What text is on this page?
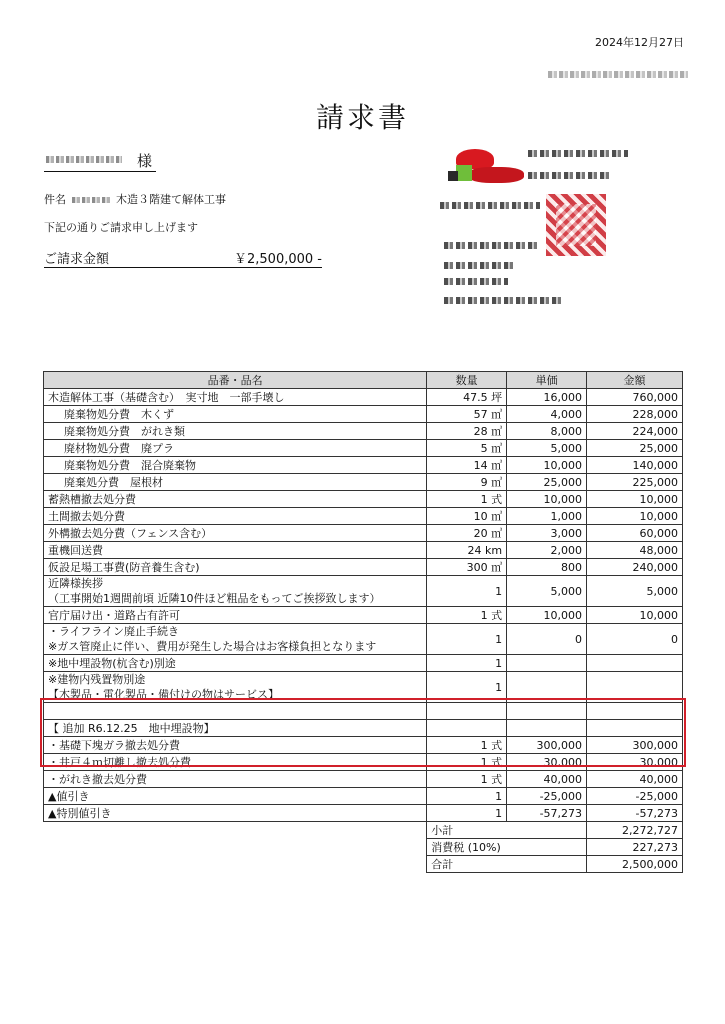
2024年12月27日
請求書
様
件名	木造３階建て解体工事
下記の通りご請求申し上げます
ご請求金額	￥2,500,000 -
品番・品名	数量	単価	金額
木造解体工事（基礎含む）　実寸地　一部手壊し	47.5 坪	16,000	760,000
廃棄物処分費　木くず	57 ㎥	4,000	228,000
廃棄物処分費　がれき類	28 ㎥	8,000	224,000
廃材物処分費　廃プラ	5 ㎥	5,000	25,000
廃棄物処分費　混合廃棄物	14 ㎥	10,000	140,000
廃棄処分費　屋根材	9 ㎥	25,000	225,000
蓄熱槽撤去処分費	1 式	10,000	10,000
土間撤去処分費	10 ㎥	1,000	10,000
外構撤去処分費（フェンス含む）	20 ㎥	3,000	60,000
重機回送費	24 km	2,000	48,000
仮設足場工事費(防音養生含む)	300 ㎥	800	240,000

近隣様挨拶
（工事開始1週間前頃 近隣10件ほど粗品をもってご挨拶致します）	1	5,000	5,000
官庁届け出・道路占有許可	1 式	10,000	10,000

・ライフライン廃止手続き
※ガス管廃止に伴い、費用が発生した場合はお客様負担となります	1	0	0
※地中埋設物(杭含む)別途	1		

※建物内残置物別途
【木製品・電化製品・備付けの物はサービス】	1		

【 追加 R6.12.25　地中埋設物】			
・基礎下塊ガラ撤去処分費	1 式	300,000	300,000
・井戸４ｍ切離し撤去処分費	1 式	30,000	30,000
・がれき撤去処分費	1 式	40,000	40,000
▲値引き	1	-25,000	-25,000
▲特別値引き	1	-57,273	-57,273
	小計		2,272,727
	消費税 (10%)		227,273
	合計		2,500,000
